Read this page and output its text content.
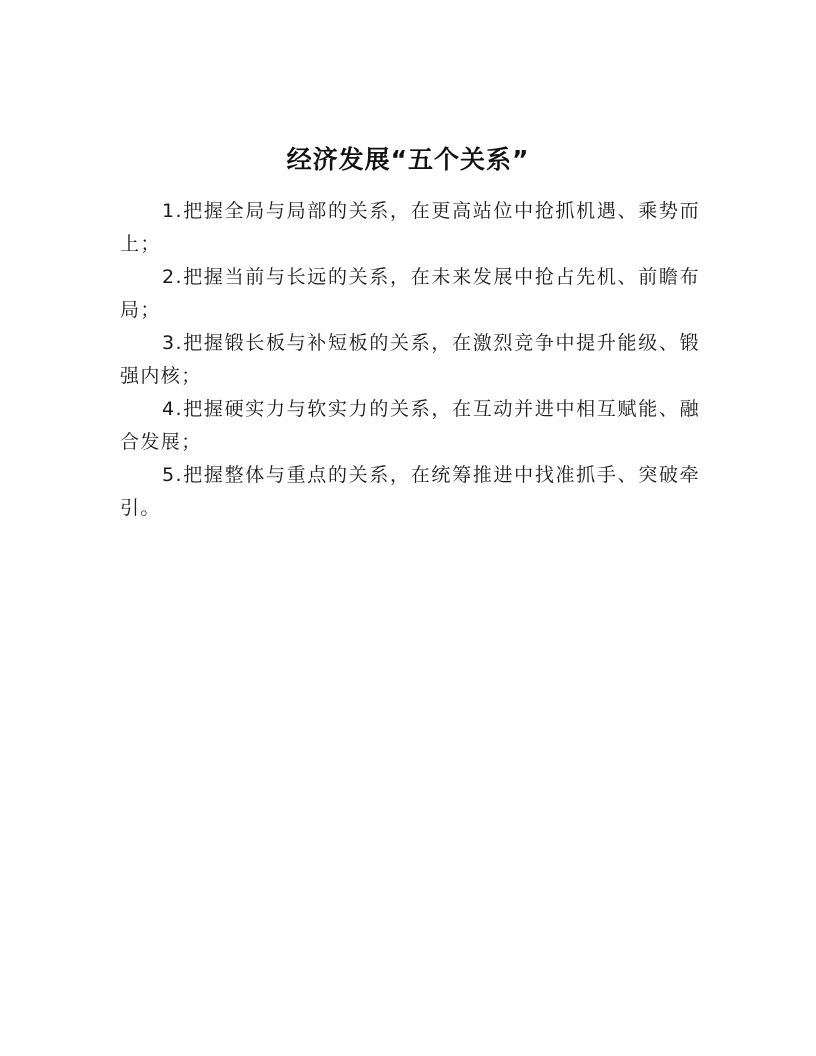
经济发展“五个关系”

1.把握全局与局部的关系，在更高站位中抢抓机遇、乘势而上；

2.把握当前与长远的关系，在未来发展中抢占先机、前瞻布局；

3.把握锻长板与补短板的关系，在激烈竞争中提升能级、锻强内核；

4.把握硬实力与软实力的关系，在互动并进中相互赋能、融合发展；

5.把握整体与重点的关系，在统筹推进中找准抓手、突破牵引。
